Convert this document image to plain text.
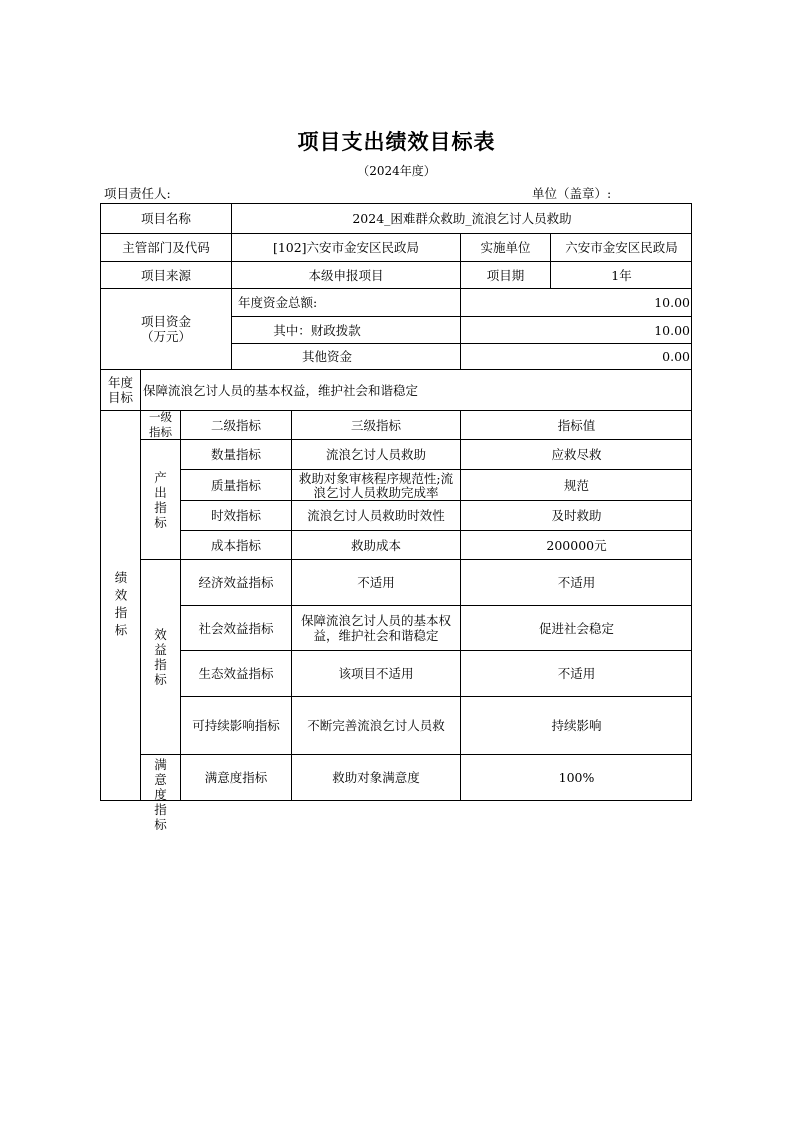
项目支出绩效目标表
（2024年度）
项目责任人:	单位（盖章）:
项目名称	2024_困难群众救助_流浪乞讨人员救助
主管部门及代码	[102]六安市金安区民政局	实施单位	六安市金安区民政局
项目来源	本级申报项目	项目期	1年
项目资金（万元）
年度资金总额:	10.00
其中：财政拨款	10.00
其他资金	0.00
年度目标 保障流浪乞讨人员的基本权益，维护社会和谐稳定
绩效指标
一级指标	二级指标	三级指标	指标值
产出指标
数量指标	流浪乞讨人员救助	应救尽救
质量指标	救助对象审核程序规范性;流浪乞讨人员救助完成率	规范
时效指标	流浪乞讨人员救助时效性	及时救助
成本指标	救助成本	200000元
效益指标
经济效益指标	不适用	不适用
社会效益指标	保障流浪乞讨人员的基本权益，维护社会和谐稳定	促进社会稳定
生态效益指标	该项目不适用	不适用
可持续影响指标	不断完善流浪乞讨人员救	持续影响
满意度指标
满意度指标	救助对象满意度	100%
